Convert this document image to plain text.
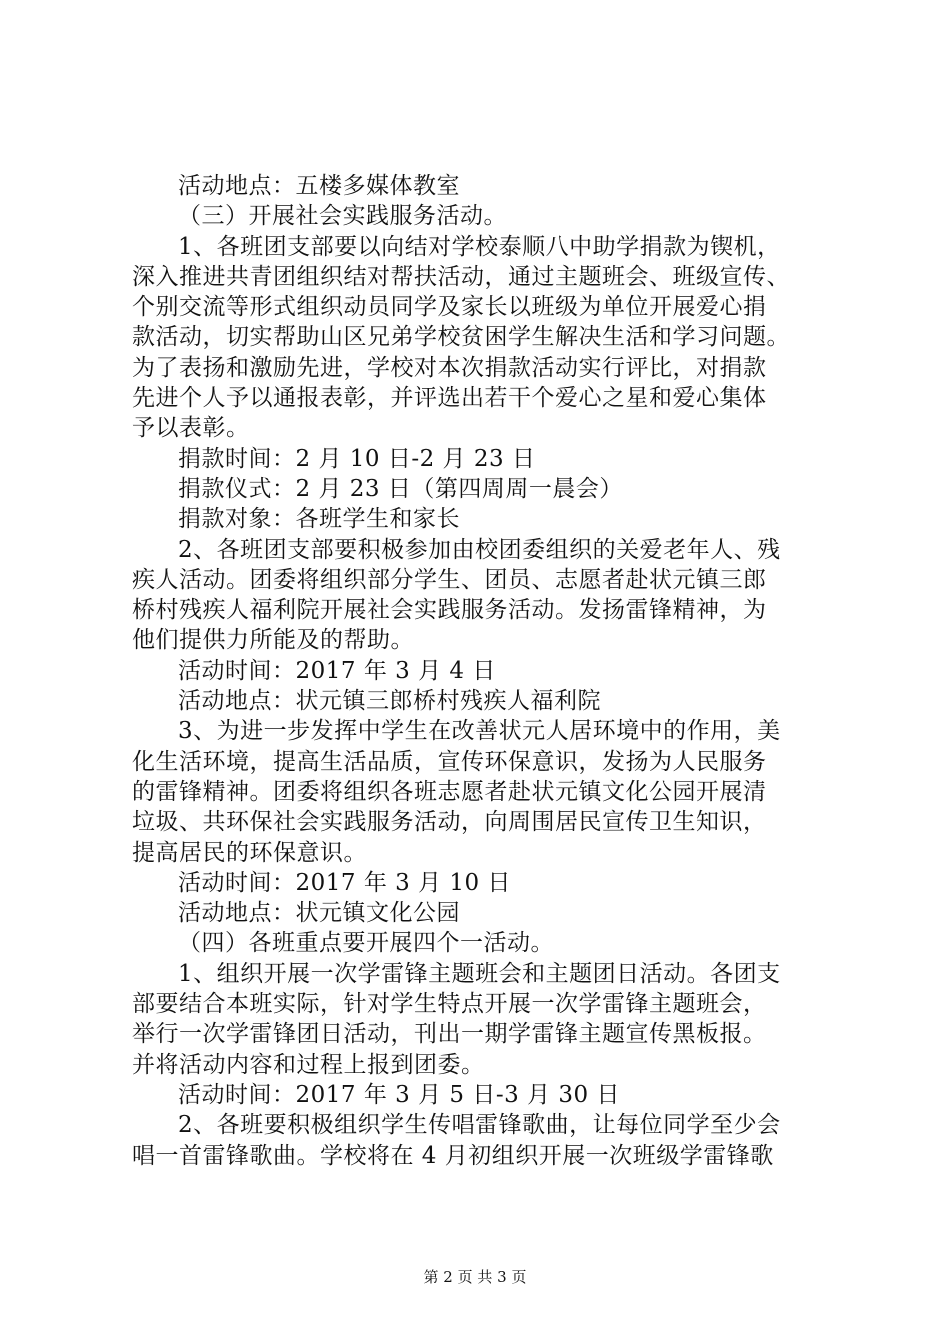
活动地点：五楼多媒体教室
（三）开展社会实践服务活动。
1、各班团支部要以向结对学校泰顺八中助学捐款为锲机，
深入推进共青团组织结对帮扶活动，通过主题班会、班级宣传、
个别交流等形式组织动员同学及家长以班级为单位开展爱心捐
款活动，切实帮助山区兄弟学校贫困学生解决生活和学习问题。
为了表扬和激励先进，学校对本次捐款活动实行评比，对捐款
先进个人予以通报表彰，并评选出若干个爱心之星和爱心集体
予以表彰。
捐款时间：2 月 10 日-2 月 23 日
捐款仪式：2 月 23 日（第四周周一晨会）
捐款对象：各班学生和家长
2、各班团支部要积极参加由校团委组织的关爱老年人、残
疾人活动。团委将组织部分学生、团员、志愿者赴状元镇三郎
桥村残疾人福利院开展社会实践服务活动。发扬雷锋精神，为
他们提供力所能及的帮助。
活动时间：2017 年 3 月 4 日
活动地点：状元镇三郎桥村残疾人福利院
3、为进一步发挥中学生在改善状元人居环境中的作用，美
化生活环境，提高生活品质，宣传环保意识，发扬为人民服务
的雷锋精神。团委将组织各班志愿者赴状元镇文化公园开展清
垃圾、共环保社会实践服务活动，向周围居民宣传卫生知识，
提高居民的环保意识。
活动时间：2017 年 3 月 10 日
活动地点：状元镇文化公园
（四）各班重点要开展四个一活动。
1、组织开展一次学雷锋主题班会和主题团日活动。各团支
部要结合本班实际，针对学生特点开展一次学雷锋主题班会，
举行一次学雷锋团日活动，刊出一期学雷锋主题宣传黑板报。
并将活动内容和过程上报到团委。
活动时间：2017 年 3 月 5 日-3 月 30 日
2、各班要积极组织学生传唱雷锋歌曲，让每位同学至少会
唱一首雷锋歌曲。学校将在 4 月初组织开展一次班级学雷锋歌
第 2 页 共 3 页
